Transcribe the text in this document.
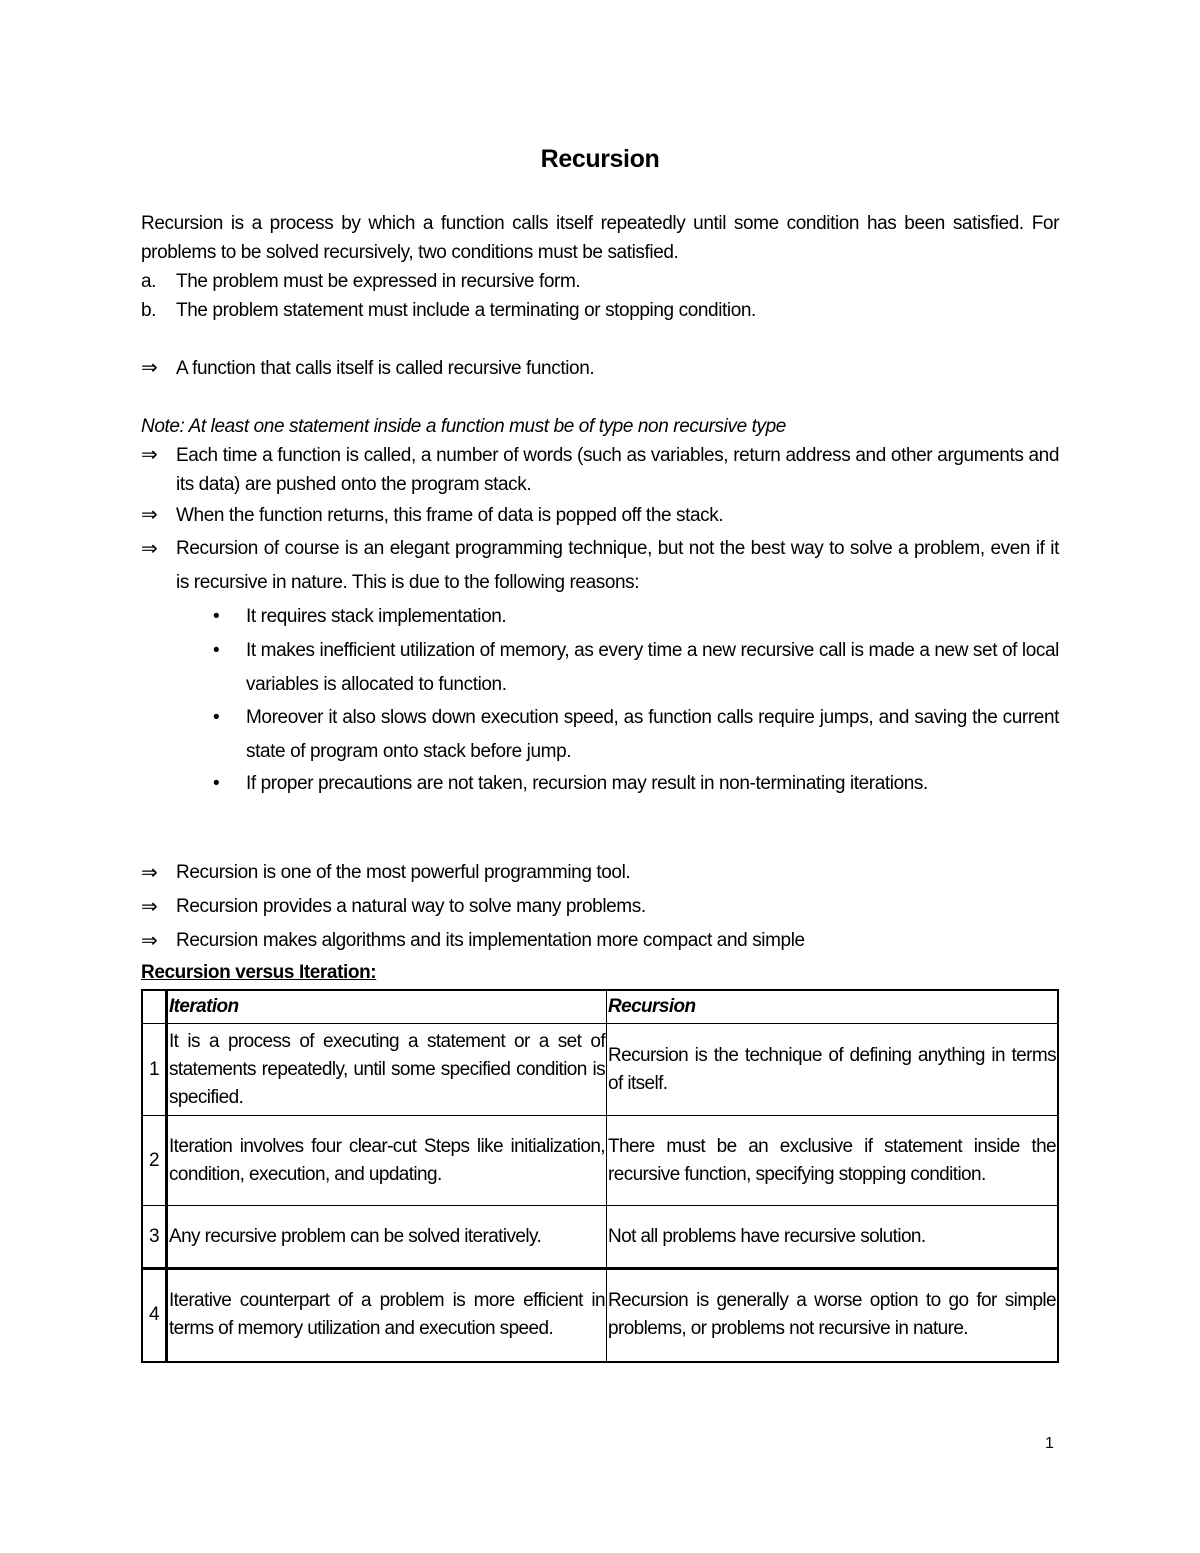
Recursion
Recursion is a process by which a function calls itself repeatedly until some condition has been satisfied. For problems to be solved recursively, two conditions must be satisfied.
a.	The problem must be expressed in recursive form.
b.	The problem statement must include a terminating or stopping condition.
⇒ A function that calls itself is called recursive function.
Note: At least one statement inside a function must be of type non recursive type
⇒ Each time a function is called, a number of words (such as variables, return address and other arguments and its data) are pushed onto the program stack.
⇒ When the function returns, this frame of data is popped off the stack.
⇒ Recursion of course is an elegant programming technique, but not the best way to solve a problem, even if it is recursive in nature. This is due to the following reasons:
• It requires stack implementation.
• It makes inefficient utilization of memory, as every time a new recursive call is made a new set of local variables is allocated to function.
• Moreover it also slows down execution speed, as function calls require jumps, and saving the current state of program onto stack before jump.
• If proper precautions are not taken, recursion may result in non-terminating iterations.
⇒ Recursion is one of the most powerful programming tool.
⇒ Recursion provides a natural way to solve many problems.
⇒ Recursion makes algorithms and its implementation more compact and simple
Recursion versus Iteration:
	Iteration	Recursion
1	It is a process of executing a statement or a set of statements repeatedly, until some specified condition is specified.	Recursion is the technique of defining anything in terms of itself.
2	Iteration involves four clear-cut Steps like initialization, condition, execution, and updating.	There must be an exclusive if statement inside the recursive function, specifying stopping condition.
3	Any recursive problem can be solved iteratively.	Not all problems have recursive solution.
4	Iterative counterpart of a problem is more efficient in terms of memory utilization and execution speed.	Recursion is generally a worse option to go for simple problems, or problems not recursive in nature.
1
